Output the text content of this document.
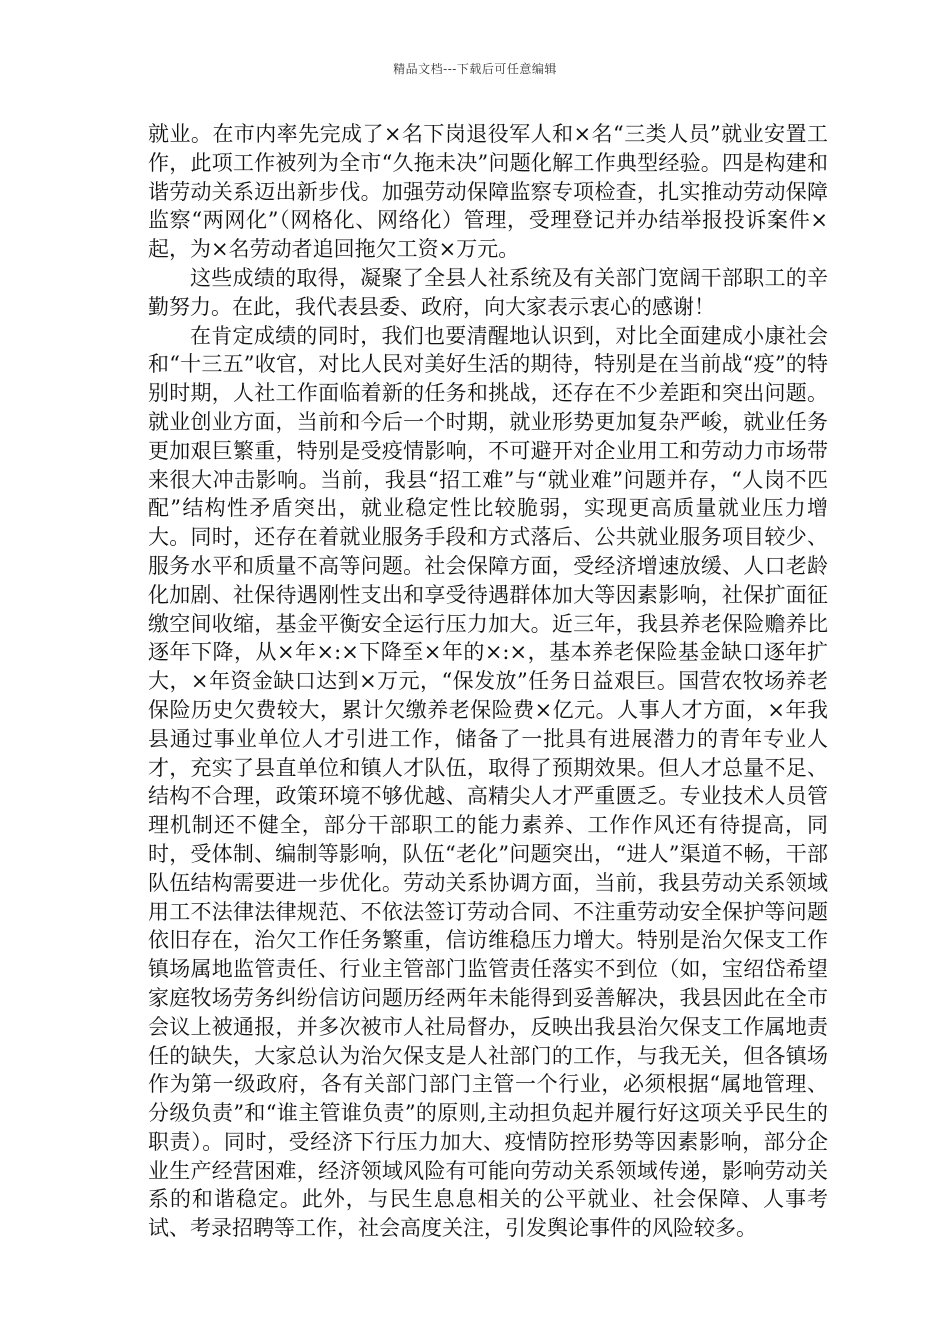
精品文档---下载后可任意编辑

就业。在市内率先完成了×名下岗退役军人和×名“三类人员”就业安置工作，此项工作被列为全市“久拖未决”问题化解工作典型经验。四是构建和谐劳动关系迈出新步伐。加强劳动保障监察专项检查，扎实推动劳动保障监察“两网化”（网格化、网络化）管理，受理登记并办结举报投诉案件×起，为×名劳动者追回拖欠工资×万元。

这些成绩的取得，凝聚了全县人社系统及有关部门宽阔干部职工的辛勤努力。在此，我代表县委、政府，向大家表示衷心的感谢！

在肯定成绩的同时，我们也要清醒地认识到，对比全面建成小康社会和“十三五”收官，对比人民对美好生活的期待，特别是在当前战“疫”的特别时期，人社工作面临着新的任务和挑战，还存在不少差距和突出问题。就业创业方面，当前和今后一个时期，就业形势更加复杂严峻，就业任务更加艰巨繁重，特别是受疫情影响，不可避开对企业用工和劳动力市场带来很大冲击影响。当前，我县“招工难”与“就业难”问题并存，“人岗不匹配”结构性矛盾突出，就业稳定性比较脆弱，实现更高质量就业压力增大。同时，还存在着就业服务手段和方式落后、公共就业服务项目较少、服务水平和质量不高等问题。社会保障方面，受经济增速放缓、人口老龄化加剧、社保待遇刚性支出和享受待遇群体加大等因素影响，社保扩面征缴空间收缩，基金平衡安全运行压力加大。近三年，我县养老保险赡养比逐年下降，从×年×:×下降至×年的×:×，基本养老保险基金缺口逐年扩大，×年资金缺口达到×万元，“保发放”任务日益艰巨。国营农牧场养老保险历史欠费较大，累计欠缴养老保险费×亿元。人事人才方面，×年我县通过事业单位人才引进工作，储备了一批具有进展潜力的青年专业人才，充实了县直单位和镇人才队伍，取得了预期效果。但人才总量不足、结构不合理，政策环境不够优越、高精尖人才严重匮乏。专业技术人员管理机制还不健全，部分干部职工的能力素养、工作作风还有待提高，同时，受体制、编制等影响，队伍“老化”问题突出，“进人”渠道不畅，干部队伍结构需要进一步优化。劳动关系协调方面，当前，我县劳动关系领域用工不法律法律规范、不依法签订劳动合同、不注重劳动安全保护等问题依旧存在，治欠工作任务繁重，信访维稳压力增大。特别是治欠保支工作镇场属地监管责任、行业主管部门监管责任落实不到位（如，宝绍岱希望家庭牧场劳务纠纷信访问题历经两年未能得到妥善解决，我县因此在全市会议上被通报，并多次被市人社局督办，反映出我县治欠保支工作属地责任的缺失，大家总认为治欠保支是人社部门的工作，与我无关，但各镇场作为第一级政府，各有关部门部门主管一个行业，必须根据“属地管理、分级负责”和“谁主管谁负责”的原则,主动担负起并履行好这项关乎民生的职责）。同时，受经济下行压力加大、疫情防控形势等因素影响，部分企业生产经营困难，经济领域风险有可能向劳动关系领域传递，影响劳动关系的和谐稳定。此外，与民生息息相关的公平就业、社会保障、人事考试、考录招聘等工作，社会高度关注，引发舆论事件的风险较多。
